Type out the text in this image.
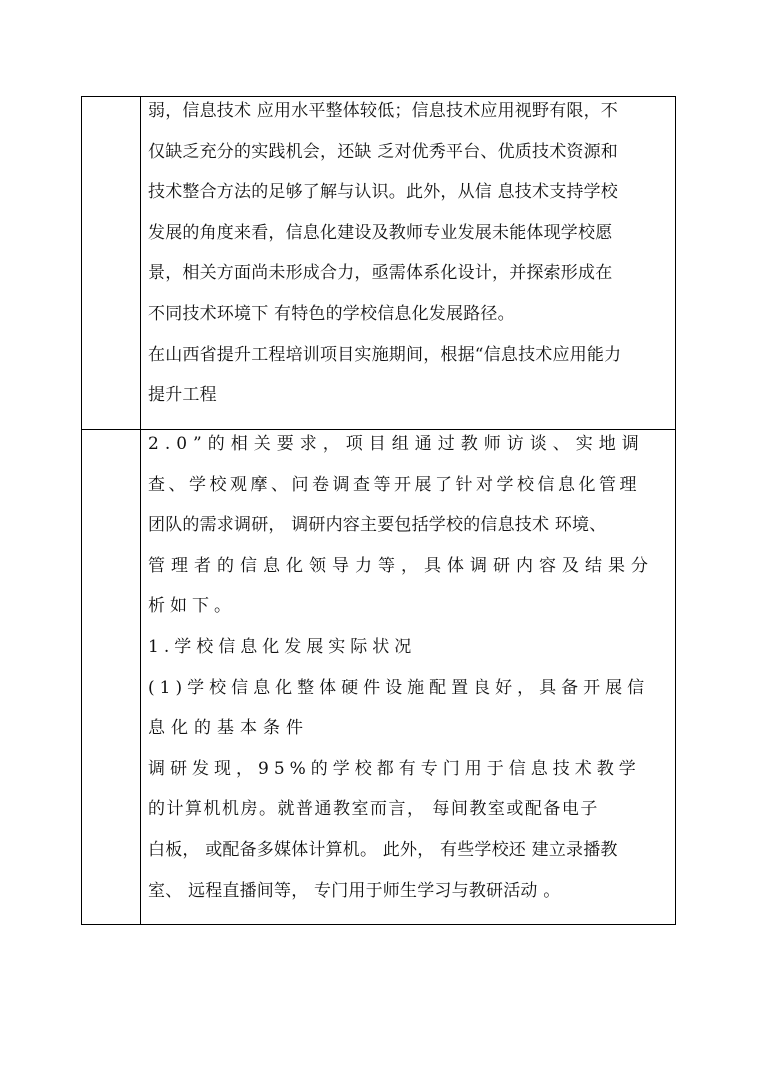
弱，信息技术 应用水平整体较低；信息技术应用视野有限，不
仅缺乏充分的实践机会，还缺 乏对优秀平台、优质技术资源和
技术整合方法的足够了解与认识。此外，从信 息技术支持学校
发展的角度来看，信息化建设及教师专业发展未能体现学校愿
景，相关方面尚未形成合力，亟需体系化设计，并探索形成在
不同技术环境下 有特色的学校信息化发展路径。
在山西省提升工程培训项目实施期间，根据“信息技术应用能力
提升工程
2.0”的相关要求，项目组通过教师访谈、实地调
查、学校观摩、问卷调查等开展了针对学校信息化管理
团队的需求调研， 调研内容主要包括学校的信息技术 环境、
管理者的信息化领导力等，具体调研内容及结果分
析如下。
1.学校信息化发展实际状况
(1)学校信息化整体硬件设施配置良好，具备开展信
息化的基本条件
调研发现，95%的学校都有专门用于信息技术教学
的计算机机房。就普通教室而言， 每间教室或配备电子
白板， 或配备多媒体计算机。 此外， 有些学校还 建立录播教
室、 远程直播间等， 专门用于师生学习与教研活动 。
